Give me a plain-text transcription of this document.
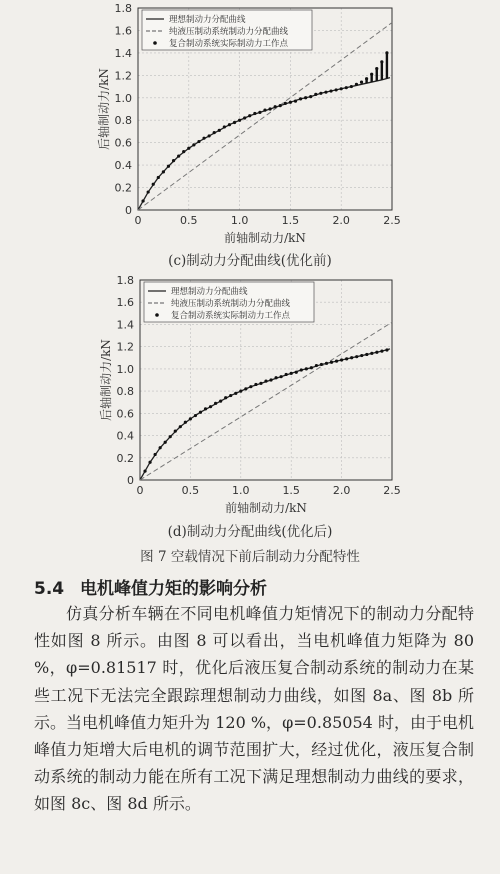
0	0.5	1.0	1.5	2.0	2.5
0
0.2
0.4
0.6
0.8
1.0
1.2
1.4
1.6
1.8
前轴制动力/kN
后轴制动力/kN
理想制动力分配曲线
纯液压制动系统制动力分配曲线
复合制动系统实际制动力工作点
(c)制动力分配曲线(优化前)
0	0.5	1.0	1.5	2.0	2.5
0
0.2
0.4
0.6
0.8
1.0
1.2
1.4
1.6
1.8
前轴制动力/kN
后轴制动力/kN
理想制动力分配曲线
纯液压制动系统制动力分配曲线
复合制动系统实际制动力工作点
(d)制动力分配曲线(优化后)
图 7 空载情况下前后制动力分配特性
5.4 电机峰值力矩的影响分析
仿真分析车辆在不同电机峰值力矩情况下的制动力分配特性如图 8 所示。由图 8 可以看出，当电机峰值力矩降为 80 %，φ=0.81517 时，优化后液压复合制动系统的制动力在某些工况下无法完全跟踪理想制动力曲线，如图 8a、图 8b 所示。当电机峰值力矩升为 120 %，φ=0.85054 时，由于电机峰值力矩增大后电机的调节范围扩大，经过优化，液压复合制动系统的制动力能在所有工况下满足理想制动力曲线的要求，如图 8c、图 8d 所示。
